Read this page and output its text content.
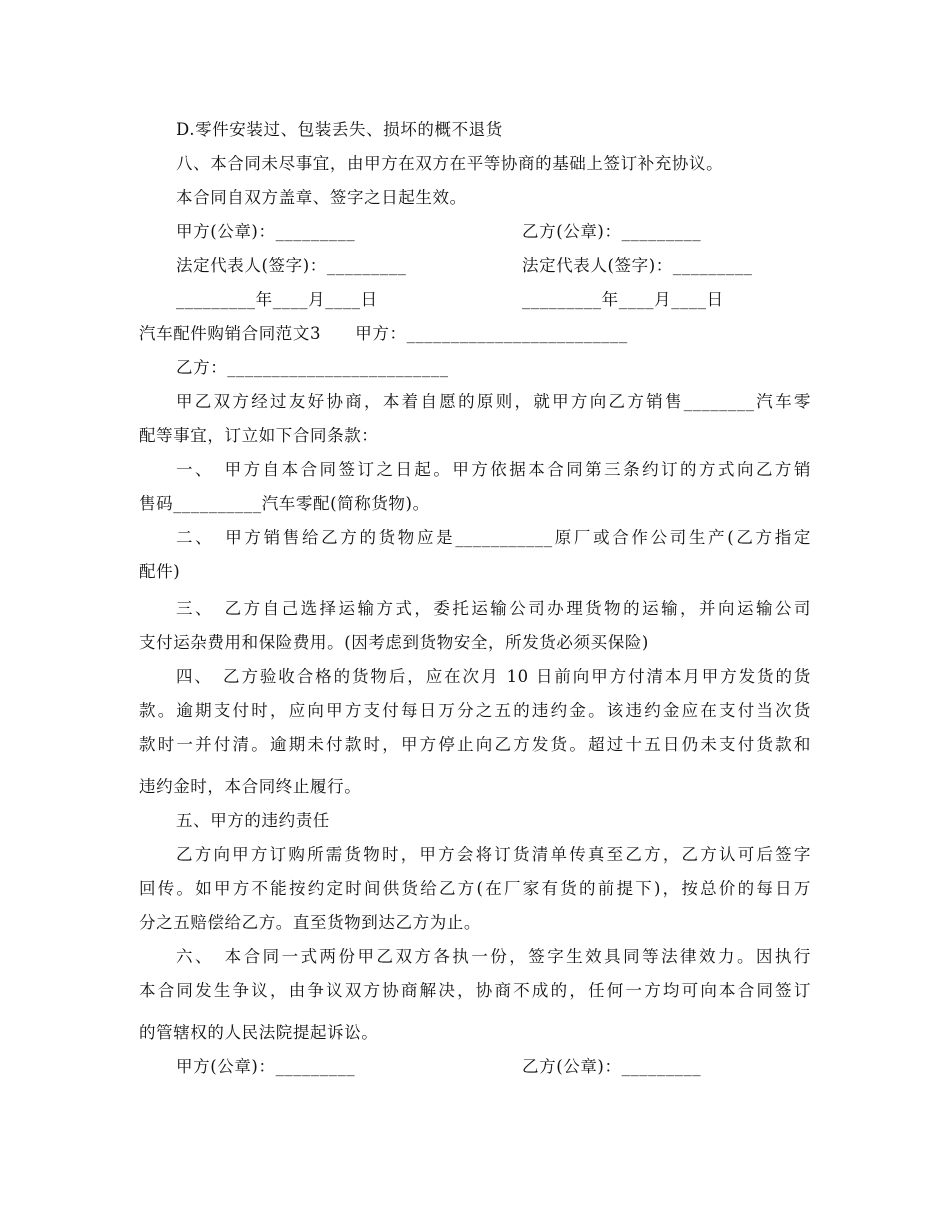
D.零件安装过、包装丢失、损坏的概不退货
八、本合同未尽事宜，由甲方在双方在平等协商的基础上签订补充协议。
本合同自双方盖章、签字之日起生效。
甲方(公章)：_________	乙方(公章)：_________
法定代表人(签字)：_________	法定代表人(签字)：_________
_________年____月____日	_________年____月____日
汽车配件购销合同范文3　　甲方：_________________________
乙方：_________________________
甲乙双方经过友好协商，本着自愿的原则，就甲方向乙方销售________汽车零
配等事宜，订立如下合同条款：
一、　甲方自本合同签订之日起。甲方依据本合同第三条约订的方式向乙方销
售码__________汽车零配(简称货物)。
二、　甲方销售给乙方的货物应是___________原厂或合作公司生产(乙方指定
配件)
三、　乙方自己选择运输方式，委托运输公司办理货物的运输，并向运输公司
支付运杂费用和保险费用。(因考虑到货物安全，所发货必须买保险)
四、　乙方验收合格的货物后，应在次月 10 日前向甲方付清本月甲方发货的货
款。逾期支付时，应向甲方支付每日万分之五的违约金。该违约金应在支付当次货
款时一并付清。逾期未付款时，甲方停止向乙方发货。超过十五日仍未支付货款和
违约金时，本合同终止履行。
五、甲方的违约责任
乙方向甲方订购所需货物时，甲方会将订货清单传真至乙方，乙方认可后签字
回传。如甲方不能按约定时间供货给乙方(在厂家有货的前提下)，按总价的每日万
分之五赔偿给乙方。直至货物到达乙方为止。
六、　本合同一式两份甲乙双方各执一份，签字生效具同等法律效力。因执行
本合同发生争议，由争议双方协商解决，协商不成的，任何一方均可向本合同签订
的管辖权的人民法院提起诉讼。
甲方(公章)：_________	乙方(公章)：_________
